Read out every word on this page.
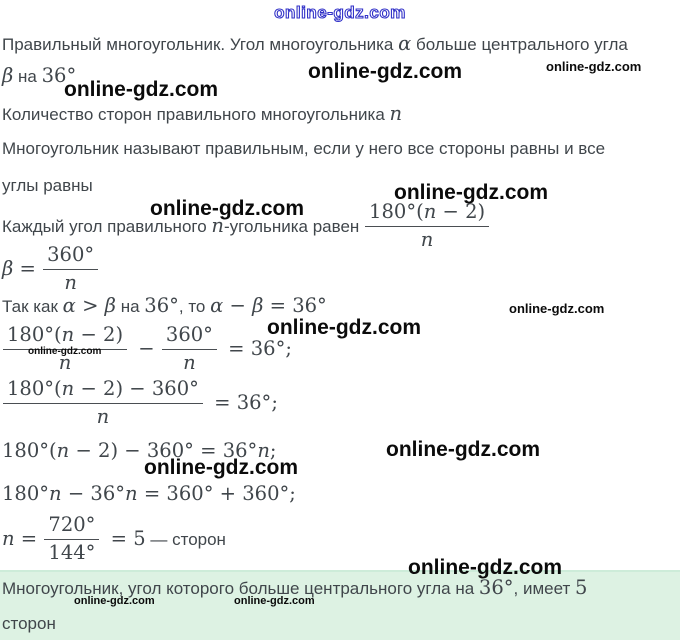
online-gdz.com
Правильный многоугольник. Угол многоугольника α больше центрального угла
β на 36°
Количество сторон правильного многоугольника n
Многоугольник называют правильным, если у него все стороны равны и все
углы равны
Каждый угол правильного n-угольника равен $\frac{180^\circ(n - 2)}{n}$
$\beta = \frac{360^\circ}{n}$
Так как α > β на 36°, то α − β = 36°
$\frac{180^\circ(n - 2)}{n} - \frac{360^\circ}{n} = 36^\circ$;
$\frac{180^\circ(n - 2) - 360^\circ}{n} = 36^\circ$;
180°(n − 2) − 360° = 36°n;
180°n − 36°n = 360° + 360°;
$n = \frac{720^\circ}{144^\circ} = 5$ — сторон
Многоугольник, угол которого больше центрального угла на 36°, имеет 5
сторон
online-gdz.com	online-gdz.com
online-gdz.com
online-gdz.com
online-gdz.com
online-gdz.com
online-gdz.com
online-gdz.com
online-gdz.com
online-gdz.com
online-gdz.com
online-gdz.com	online-gdz.com
